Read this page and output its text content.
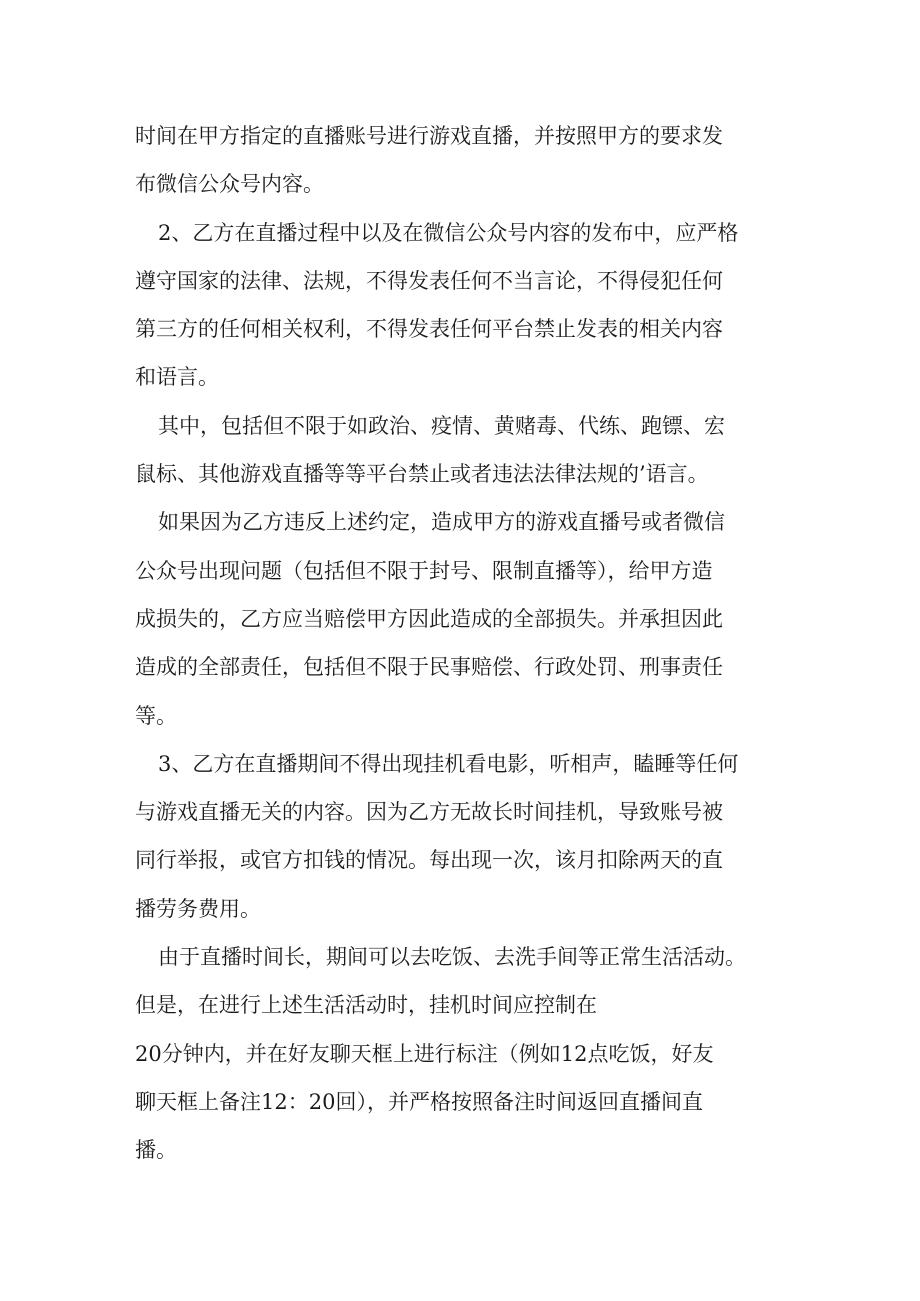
时间在甲方指定的直播账号进行游戏直播，并按照甲方的要求发
布微信公众号内容。
2、乙方在直播过程中以及在微信公众号内容的发布中，应严格
遵守国家的法律、法规，不得发表任何不当言论，不得侵犯任何
第三方的任何相关权利，不得发表任何平台禁止发表的相关内容
和语言。
其中，包括但不限于如政治、疫情、黄赌毒、代练、跑镖、宏
鼠标、其他游戏直播等等平台禁止或者违法法律法规的’语言。
如果因为乙方违反上述约定，造成甲方的游戏直播号或者微信
公众号出现问题（包括但不限于封号、限制直播等），给甲方造
成损失的，乙方应当赔偿甲方因此造成的全部损失。并承担因此
造成的全部责任，包括但不限于民事赔偿、行政处罚、刑事责任
等。
3、乙方在直播期间不得出现挂机看电影，听相声，瞌睡等任何
与游戏直播无关的内容。因为乙方无故长时间挂机，导致账号被
同行举报，或官方扣钱的情况。每出现一次，该月扣除两天的直
播劳务费用。
由于直播时间长，期间可以去吃饭、去洗手间等正常生活活动。
但是，在进行上述生活活动时，挂机时间应控制在
20分钟内，并在好友聊天框上进行标注（例如12点吃饭，好友
聊天框上备注12：20回），并严格按照备注时间返回直播间直
播。
